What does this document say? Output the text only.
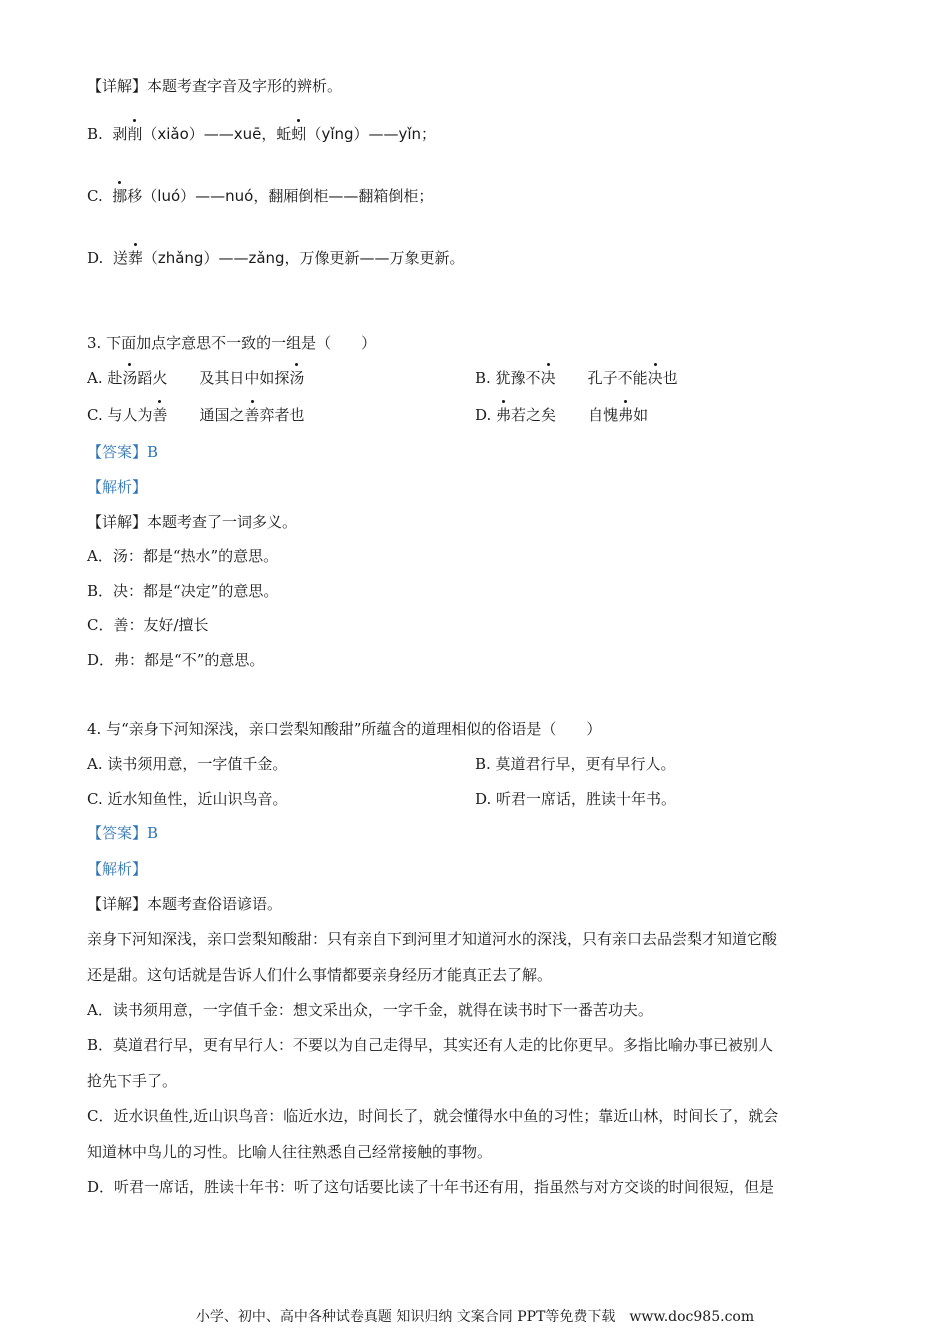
【详解】本题考查字音及字形的辨析。
B. 剥削（xiǎo）——xuē，蚯蚓（yǐng）——yǐn；
C. 挪移（luó）——nuó，翻厢倒柜——翻箱倒柜；
D. 送葬（zhǎng）——zǎng，万像更新——万象更新。
3. 下面加点字意思不一致的一组是（　　）
A. 赴汤蹈火 及其日中如探汤	B. 犹豫不决 孔子不能决也
C. 与人为善 通国之善弈者也	D. 弗若之矣 自愧弗如
【答案】B
【解析】
【详解】本题考查了一词多义。
A．汤：都是“热水”的意思。
B．决：都是“决定”的意思。
C．善：友好/擅长
D．弗：都是“不”的意思。
4. 与“亲身下河知深浅，亲口尝梨知酸甜”所蕴含的道理相似的俗语是（　　）
A. 读书须用意，一字值千金。	B. 莫道君行早，更有早行人。
C. 近水知鱼性，近山识鸟音。	D. 听君一席话，胜读十年书。
【答案】B
【解析】
【详解】本题考查俗语谚语。
亲身下河知深浅，亲口尝梨知酸甜：只有亲自下到河里才知道河水的深浅，只有亲口去品尝梨才知道它酸
还是甜。这句话就是告诉人们什么事情都要亲身经历才能真正去了解。
A．读书须用意，一字值千金：想文采出众，一字千金，就得在读书时下一番苦功夫。
B．莫道君行早，更有早行人：不要以为自己走得早，其实还有人走的比你更早。多指比喻办事已被别人
抢先下手了。
C．近水识鱼性,近山识鸟音：临近水边，时间长了，就会懂得水中鱼的习性；靠近山林，时间长了，就会
知道林中鸟儿的习性。比喻人往往熟悉自己经常接触的事物。
D．听君一席话，胜读十年书：听了这句话要比读了十年书还有用，指虽然与对方交谈的时间很短，但是
小学、初中、高中各种试卷真题 知识归纳 文案合同 PPT等免费下载 www.doc985.com
